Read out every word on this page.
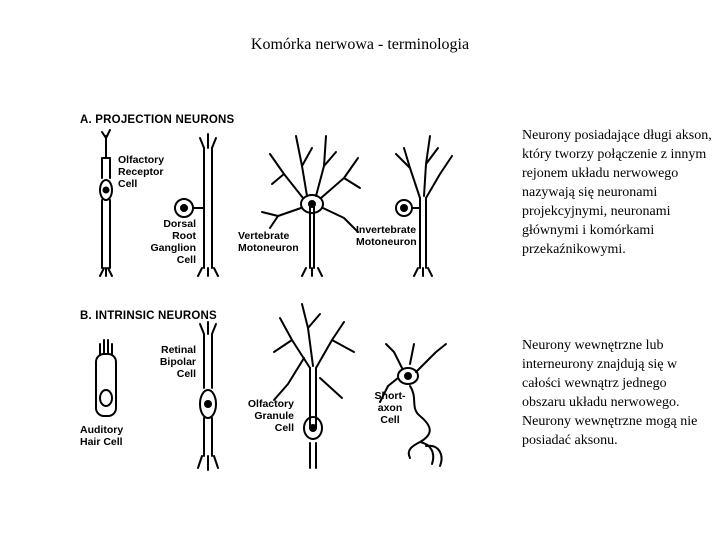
Komórka nerwowa - terminologia
A. PROJECTION NEURONS
B. INTRINSIC NEURONS
Olfactory
Receptor
Cell
Dorsal
Root
Ganglion
Cell
Vertebrate
Motoneuron
Invertebrate
Motoneuron
Retinal
Bipolar
Cell
Auditory
Hair Cell
Olfactory
Granule
Cell
Short-
axon
Cell
Neurony posiadające długi akson, który tworzy połączenie z innym rejonem układu nerwowego nazywają się neuronami projekcyjnymi, neuronami głównymi i komórkami przekaźnikowymi.
Neurony wewnętrzne lub interneurony znajdują się w całości wewnątrz jednego obszaru układu nerwowego. Neurony wewnętrzne mogą nie posiadać aksonu.
